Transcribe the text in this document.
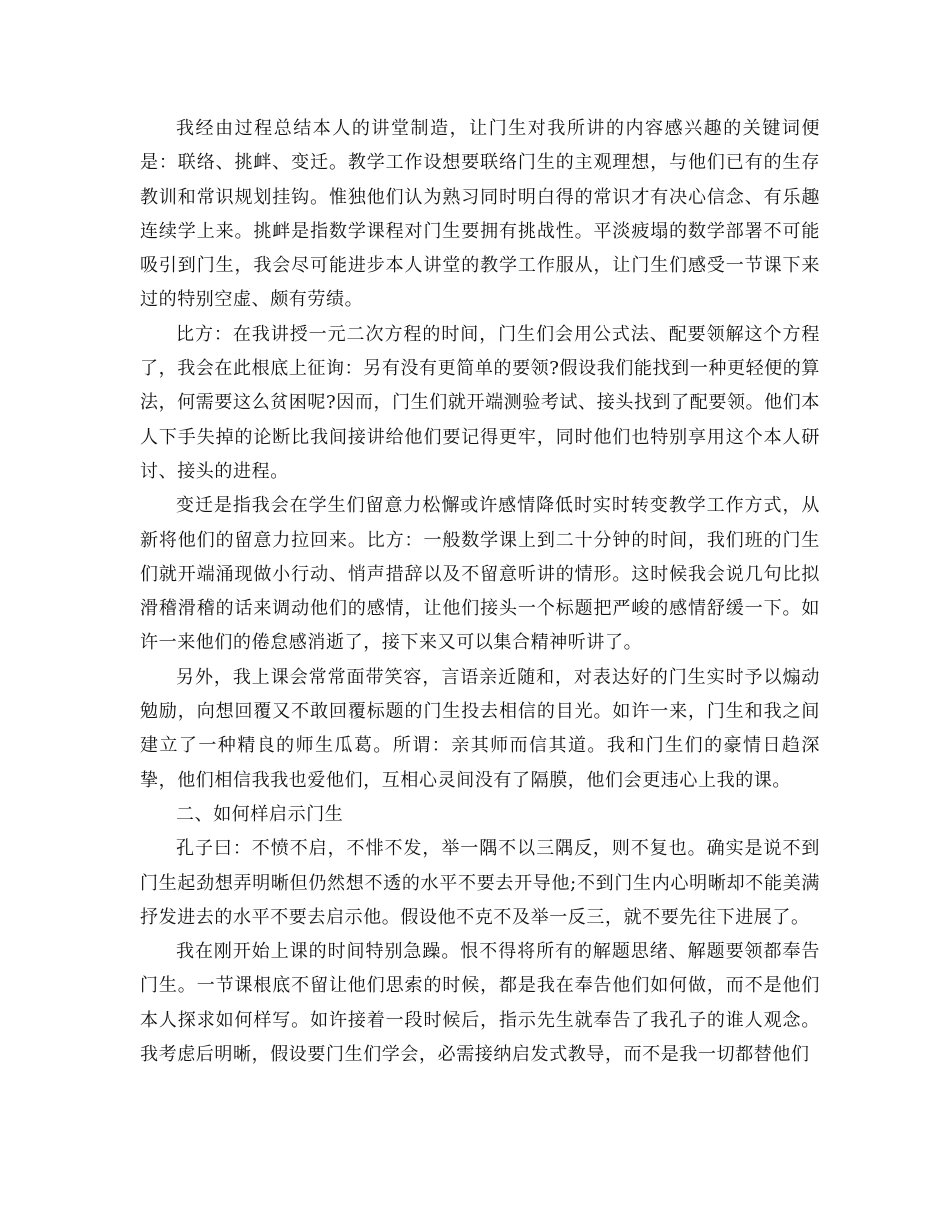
我经由过程总结本人的讲堂制造，让门生对我所讲的内容感兴趣的关键词便是：联络、挑衅、变迁。教学工作设想要联络门生的主观理想，与他们已有的生存教训和常识规划挂钩。惟独他们认为熟习同时明白得的常识才有决心信念、有乐趣连续学上来。挑衅是指数学课程对门生要拥有挑战性。平淡疲塌的数学部署不可能吸引到门生，我会尽可能进步本人讲堂的教学工作服从，让门生们感受一节课下来过的特别空虚、颇有劳绩。

比方：在我讲授一元二次方程的时间，门生们会用公式法、配要领解这个方程了，我会在此根底上征询：另有没有更简单的要领?假设我们能找到一种更轻便的算法，何需要这么贫困呢?因而，门生们就开端测验考试、接头找到了配要领。他们本人下手失掉的论断比我间接讲给他们要记得更牢，同时他们也特别享用这个本人研讨、接头的进程。

变迁是指我会在学生们留意力松懈或许感情降低时实时转变教学工作方式，从新将他们的留意力拉回来。比方：一般数学课上到二十分钟的时间，我们班的门生们就开端涌现做小行动、悄声措辞以及不留意听讲的情形。这时候我会说几句比拟滑稽滑稽的话来调动他们的感情，让他们接头一个标题把严峻的感情舒缓一下。如许一来他们的倦怠感消逝了，接下来又可以集合精神听讲了。

另外，我上课会常常面带笑容，言语亲近随和，对表达好的门生实时予以煽动勉励，向想回覆又不敢回覆标题的门生投去相信的目光。如许一来，门生和我之间建立了一种精良的师生瓜葛。所谓：亲其师而信其道。我和门生们的豪情日趋深挚，他们相信我我也爱他们，互相心灵间没有了隔膜，他们会更违心上我的课。

二、如何样启示门生

孔子曰：不愤不启，不悱不发，举一隅不以三隅反，则不复也。确实是说不到门生起劲想弄明晰但仍然想不透的水平不要去开导他;不到门生内心明晰却不能美满抒发进去的水平不要去启示他。假设他不克不及举一反三，就不要先往下进展了。

我在刚开始上课的时间特别急躁。恨不得将所有的解题思绪、解题要领都奉告门生。一节课根底不留让他们思索的时候，都是我在奉告他们如何做，而不是他们本人探求如何样写。如许接着一段时候后，指示先生就奉告了我孔子的谁人观念。我考虑后明晰，假设要门生们学会，必需接纳启发式教导，而不是我一切都替他们
